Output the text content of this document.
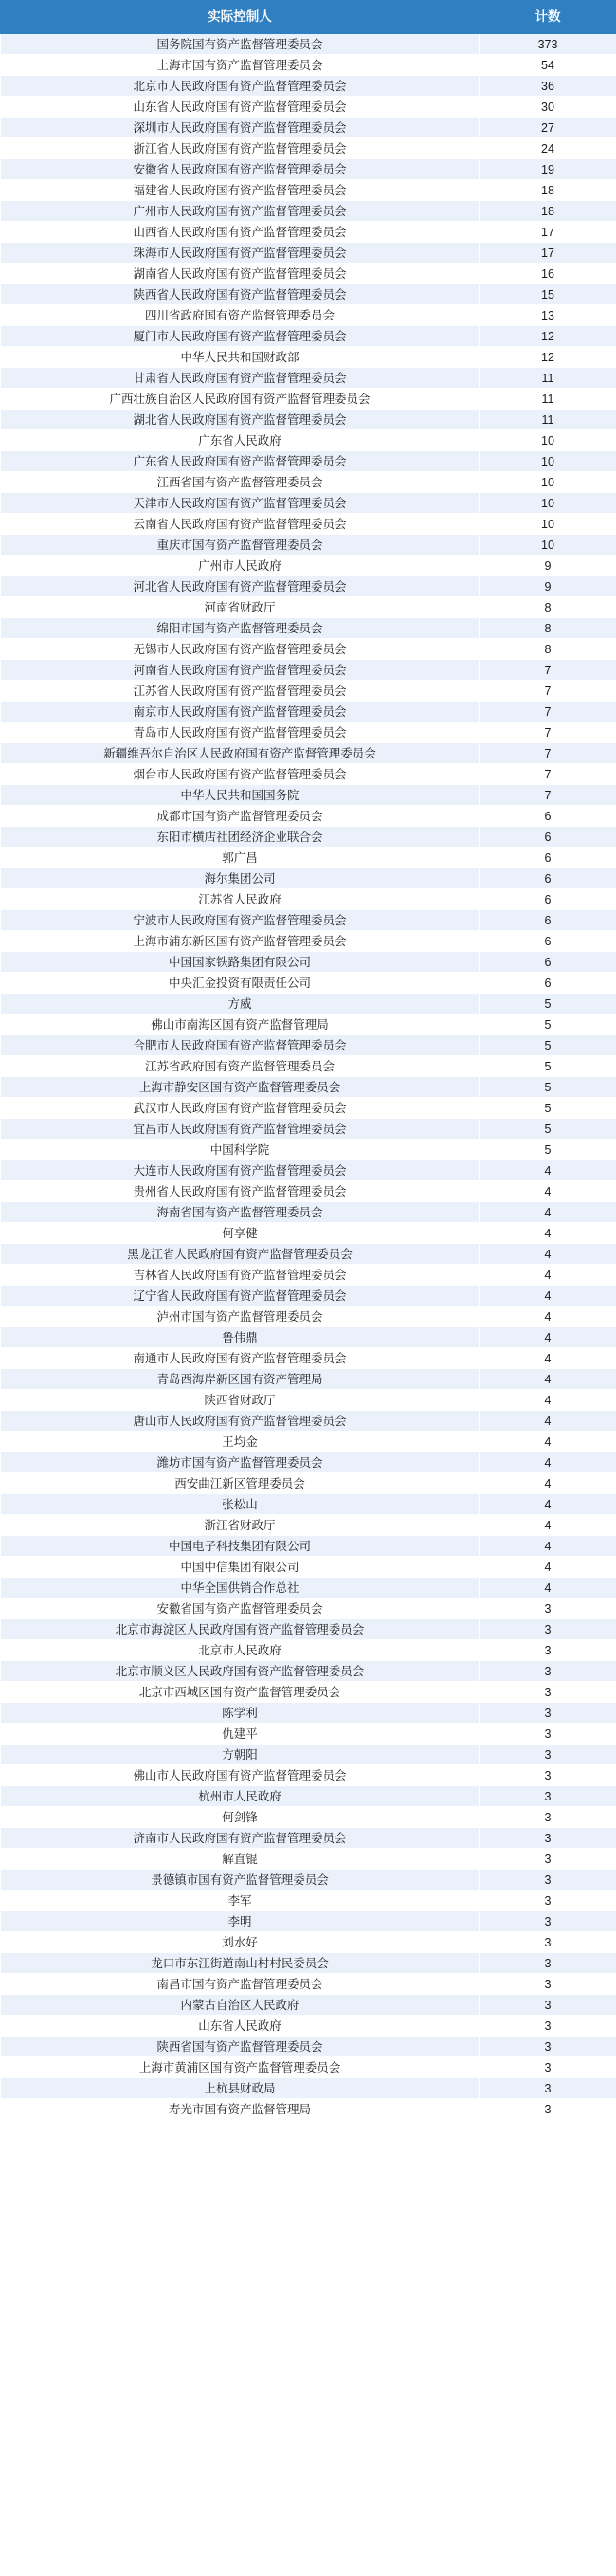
实际控制人	计数
国务院国有资产监督管理委员会	373
上海市国有资产监督管理委员会	54
北京市人民政府国有资产监督管理委员会	36
山东省人民政府国有资产监督管理委员会	30
深圳市人民政府国有资产监督管理委员会	27
浙江省人民政府国有资产监督管理委员会	24
安徽省人民政府国有资产监督管理委员会	19
福建省人民政府国有资产监督管理委员会	18
广州市人民政府国有资产监督管理委员会	18
山西省人民政府国有资产监督管理委员会	17
珠海市人民政府国有资产监督管理委员会	17
湖南省人民政府国有资产监督管理委员会	16
陕西省人民政府国有资产监督管理委员会	15
四川省政府国有资产监督管理委员会	13
厦门市人民政府国有资产监督管理委员会	12
中华人民共和国财政部	12
甘肃省人民政府国有资产监督管理委员会	11
广西壮族自治区人民政府国有资产监督管理委员会	11
湖北省人民政府国有资产监督管理委员会	11
广东省人民政府	10
广东省人民政府国有资产监督管理委员会	10
江西省国有资产监督管理委员会	10
天津市人民政府国有资产监督管理委员会	10
云南省人民政府国有资产监督管理委员会	10
重庆市国有资产监督管理委员会	10
广州市人民政府	9
河北省人民政府国有资产监督管理委员会	9
河南省财政厅	8
绵阳市国有资产监督管理委员会	8
无锡市人民政府国有资产监督管理委员会	8
河南省人民政府国有资产监督管理委员会	7
江苏省人民政府国有资产监督管理委员会	7
南京市人民政府国有资产监督管理委员会	7
青岛市人民政府国有资产监督管理委员会	7
新疆维吾尔自治区人民政府国有资产监督管理委员会	7
烟台市人民政府国有资产监督管理委员会	7
中华人民共和国国务院	7
成都市国有资产监督管理委员会	6
东阳市横店社团经济企业联合会	6
郭广昌	6
海尔集团公司	6
江苏省人民政府	6
宁波市人民政府国有资产监督管理委员会	6
上海市浦东新区国有资产监督管理委员会	6
中国国家铁路集团有限公司	6
中央汇金投资有限责任公司	6
方威	5
佛山市南海区国有资产监督管理局	5
合肥市人民政府国有资产监督管理委员会	5
江苏省政府国有资产监督管理委员会	5
上海市静安区国有资产监督管理委员会	5
武汉市人民政府国有资产监督管理委员会	5
宜昌市人民政府国有资产监督管理委员会	5
中国科学院	5
大连市人民政府国有资产监督管理委员会	4
贵州省人民政府国有资产监督管理委员会	4
海南省国有资产监督管理委员会	4
何享健	4
黑龙江省人民政府国有资产监督管理委员会	4
吉林省人民政府国有资产监督管理委员会	4
辽宁省人民政府国有资产监督管理委员会	4
泸州市国有资产监督管理委员会	4
鲁伟鼎	4
南通市人民政府国有资产监督管理委员会	4
青岛西海岸新区国有资产管理局	4
陕西省财政厅	4
唐山市人民政府国有资产监督管理委员会	4
王均金	4
潍坊市国有资产监督管理委员会	4
西安曲江新区管理委员会	4
张松山	4
浙江省财政厅	4
中国电子科技集团有限公司	4
中国中信集团有限公司	4
中华全国供销合作总社	4
安徽省国有资产监督管理委员会	3
北京市海淀区人民政府国有资产监督管理委员会	3
北京市人民政府	3
北京市顺义区人民政府国有资产监督管理委员会	3
北京市西城区国有资产监督管理委员会	3
陈学利	3
仇建平	3
方朝阳	3
佛山市人民政府国有资产监督管理委员会	3
杭州市人民政府	3
何剑锋	3
济南市人民政府国有资产监督管理委员会	3
解直锟	3
景德镇市国有资产监督管理委员会	3
李军	3
李明	3
刘水好	3
龙口市东江街道南山村村民委员会	3
南昌市国有资产监督管理委员会	3
内蒙古自治区人民政府	3
山东省人民政府	3
陕西省国有资产监督管理委员会	3
上海市黄浦区国有资产监督管理委员会	3
上杭县财政局	3
寿光市国有资产监督管理局	3
